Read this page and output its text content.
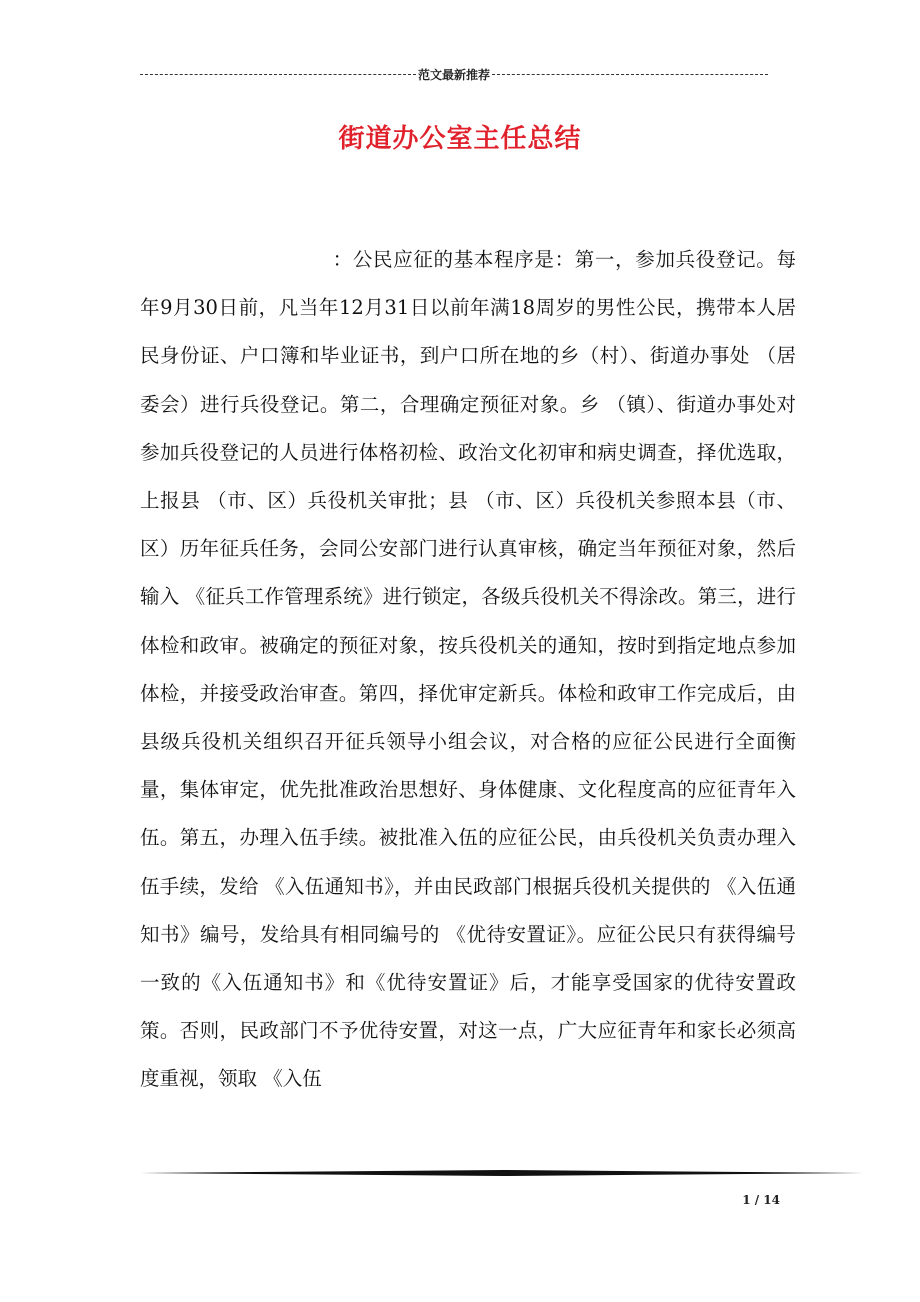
范文最新推荐
街道办公室主任总结
：公民应征的基本程序是：第一，参加兵役登记。每年9月30日前，凡当年12月31日以前年满18周岁的男性公民，携带本人居民身份证、户口簿和毕业证书，到户口所在地的乡（村）、街道办事处 （居委会）进行兵役登记。第二，合理确定预征对象。乡 （镇）、街道办事处对参加兵役登记的人员进行体格初检、政治文化初审和病史调查，择优选取，上报县 （市、区）兵役机关审批；县 （市、区）兵役机关参照本县（市、区）历年征兵任务，会同公安部门进行认真审核，确定当年预征对象，然后输入 《征兵工作管理系统》进行锁定，各级兵役机关不得涂改。第三，进行体检和政审。被确定的预征对象，按兵役机关的通知，按时到指定地点参加体检，并接受政治审查。第四，择优审定新兵。体检和政审工作完成后，由县级兵役机关组织召开征兵领导小组会议，对合格的应征公民进行全面衡量，集体审定，优先批准政治思想好、身体健康、文化程度高的应征青年入伍。第五，办理入伍手续。被批准入伍的应征公民，由兵役机关负责办理入伍手续，发给 《入伍通知书》，并由民政部门根据兵役机关提供的 《入伍通知书》编号，发给具有相同编号的 《优待安置证》。应征公民只有获得编号一致的《入伍通知书》和《优待安置证》后，才能享受国家的优待安置政策。否则，民政部门不予优待安置，对这一点，广大应征青年和家长必须高度重视，领取 《入伍
1 / 14
